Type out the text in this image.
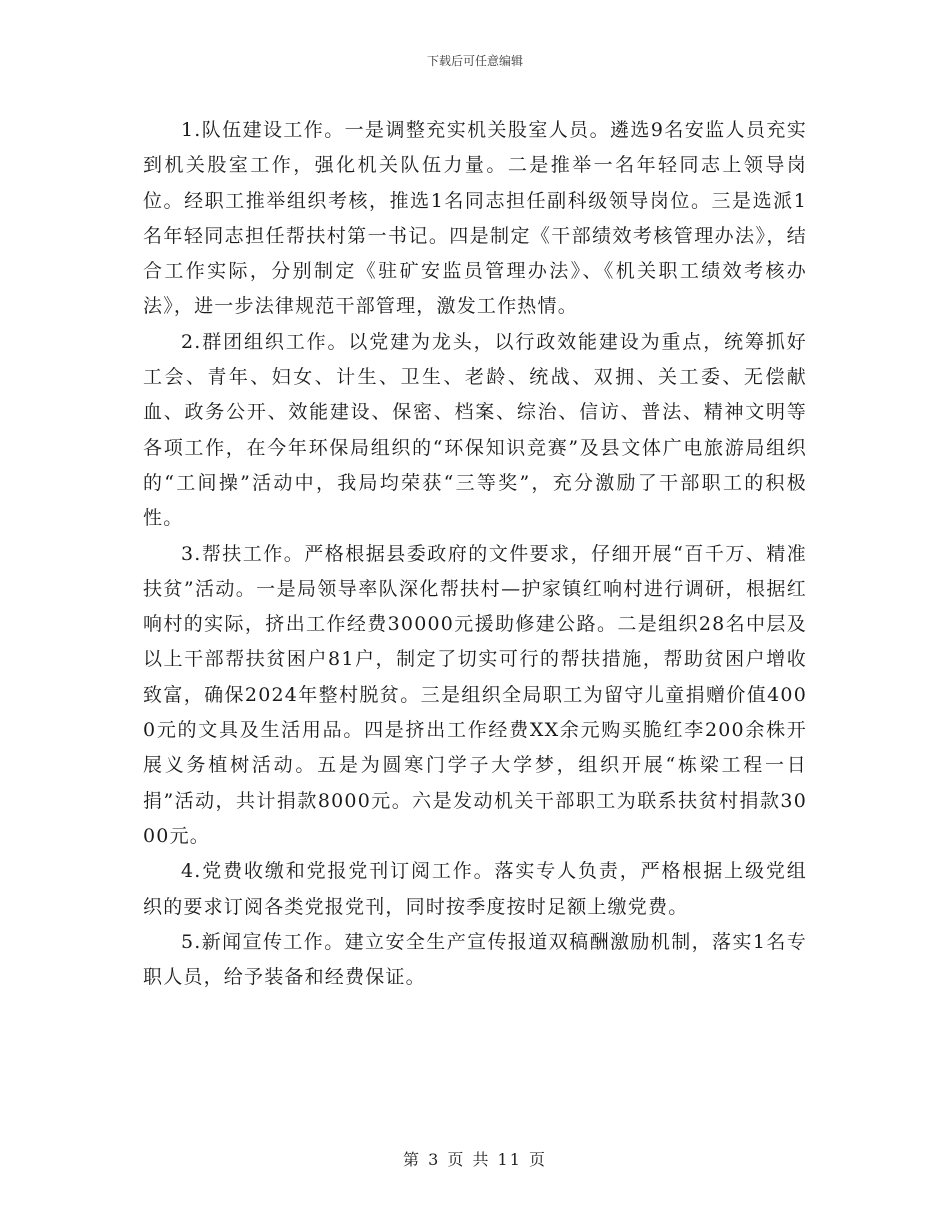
下载后可任意编辑

1.队伍建设工作。一是调整充实机关股室人员。遴选9名安监人员充实到机关股室工作，强化机关队伍力量。二是推举一名年轻同志上领导岗位。经职工推举组织考核，推选1名同志担任副科级领导岗位。三是选派1名年轻同志担任帮扶村第一书记。四是制定《干部绩效考核管理办法》，结合工作实际，分别制定《驻矿安监员管理办法》、《机关职工绩效考核办法》，进一步法律规范干部管理，激发工作热情。

2.群团组织工作。以党建为龙头，以行政效能建设为重点，统筹抓好工会、青年、妇女、计生、卫生、老龄、统战、双拥、关工委、无偿献血、政务公开、效能建设、保密、档案、综治、信访、普法、精神文明等各项工作，在今年环保局组织的“环保知识竞赛”及县文体广电旅游局组织的“工间操”活动中，我局均荣获“三等奖”，充分激励了干部职工的积极性。

3.帮扶工作。严格根据县委政府的文件要求，仔细开展“百千万、精准扶贫”活动。一是局领导率队深化帮扶村—护家镇红响村进行调研，根据红响村的实际，挤出工作经费30000元援助修建公路。二是组织28名中层及以上干部帮扶贫困户81户，制定了切实可行的帮扶措施，帮助贫困户增收致富，确保2024年整村脱贫。三是组织全局职工为留守儿童捐赠价值4000元的文具及生活用品。四是挤出工作经费XX余元购买脆红李200余株开展义务植树活动。五是为圆寒门学子大学梦，组织开展“栋梁工程一日捐”活动，共计捐款8000元。六是发动机关干部职工为联系扶贫村捐款3000元。

4.党费收缴和党报党刊订阅工作。落实专人负责，严格根据上级党组织的要求订阅各类党报党刊，同时按季度按时足额上缴党费。

5.新闻宣传工作。建立安全生产宣传报道双稿酬激励机制，落实1名专职人员，给予装备和经费保证。

第 3 页 共 11 页
